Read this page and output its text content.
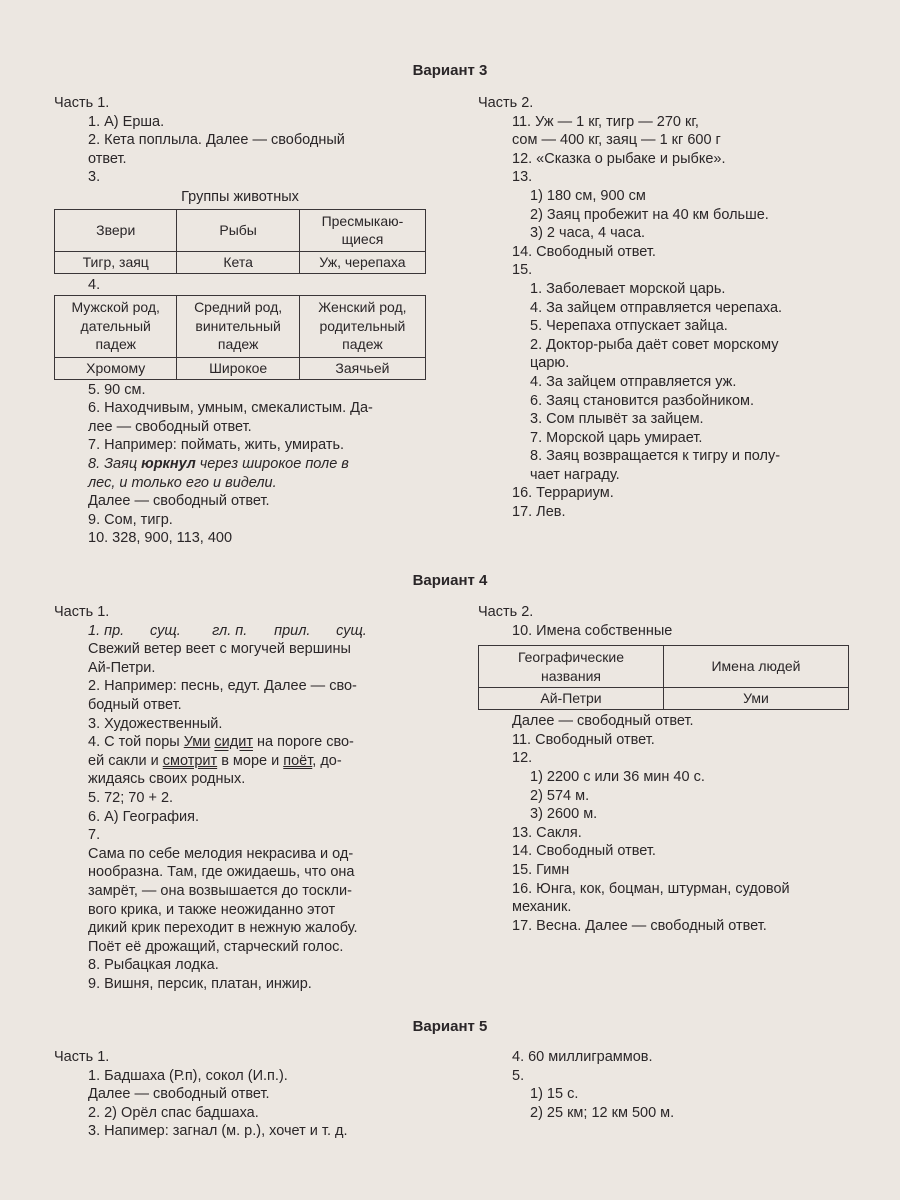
Вариант 3
Часть 1.
1. А) Ерша.
2. Кета поплыла. Далее — свободный
ответ.
3.
Группы животных
Звери	Рыбы	Пресмыкаю-
щиеся
Тигр, заяц	Кета	Уж, черепаха
4.
Мужской род,
дательный
падеж	Средний род,
винительный
падеж	Женский род,
родительный
падеж
Хромому	Широкое	Заячьей
5. 90 см.
6. Находчивым, умным, смекалистым. Да-
лее — свободный ответ.
7. Например: поймать, жить, умирать.
8. Заяц юркнул через широкое поле в
лес, и только его и видели.
Далее — свободный ответ.
9. Сом, тигр.
10. 328, 900, 113, 400
Часть 2.
11. Уж — 1 кг, тигр — 270 кг,
сом — 400 кг, заяц — 1 кг 600 г
12. «Сказка о рыбаке и рыбке».
13.
1) 180 см, 900 см
2) Заяц пробежит на 40 км больше.
3) 2 часа, 4 часа.
14. Свободный ответ.
15.
1. Заболевает морской царь.
4. За зайцем отправляется черепаха.
5. Черепаха отпускает зайца.
2. Доктор-рыба даёт совет морскому
царю.
4. За зайцем отправляется уж.
6. Заяц становится разбойником.
3. Сом плывёт за зайцем.
7. Морской царь умирает.
8. Заяц возвращается к тигру и полу-
чает награду.
16. Террариум.
17. Лев.
Вариант 4
Часть 1.
1. пр. сущ. гл. п. прил. сущ.
Свежий ветер веет с могучей вершины
Ай-Петри.
2. Например: песнь, едут. Далее — сво-
бодный ответ.
3. Художественный.
4. С той поры Уми сидит на пороге сво-
ей сакли и смотрит в море и поёт, до-
жидаясь своих родных.
5. 72; 70 + 2.
6. А) География.
7.
Сама по себе мелодия некрасива и од-
нообразна. Там, где ожидаешь, что она
замрёт, — она возвышается до тоскли-
вого крика, и также неожиданно этот
дикий крик переходит в нежную жалобу.
Поёт её дрожащий, старческий голос.
8. Рыбацкая лодка.
9. Вишня, персик, платан, инжир.
Часть 2.
10. Имена собственные
Географические
названия	Имена людей
Ай-Петри	Уми
Далее — свободный ответ.
11. Свободный ответ.
12.
1) 2200 с или 36 мин 40 с.
2) 574 м.
3) 2600 м.
13. Сакля.
14. Свободный ответ.
15. Гимн
16. Юнга, кок, боцман, штурман, судовой
механик.
17. Весна. Далее — свободный ответ.
Вариант 5
Часть 1.
1. Бадшаха (Р.п), сокол (И.п.).
Далее — свободный ответ.
2. 2) Орёл спас бадшаха.
3. Напимер: загнал (м. р.), хочет и т. д.
4. 60 миллиграммов.
5.
1) 15 с.
2) 25 км; 12 км 500 м.
